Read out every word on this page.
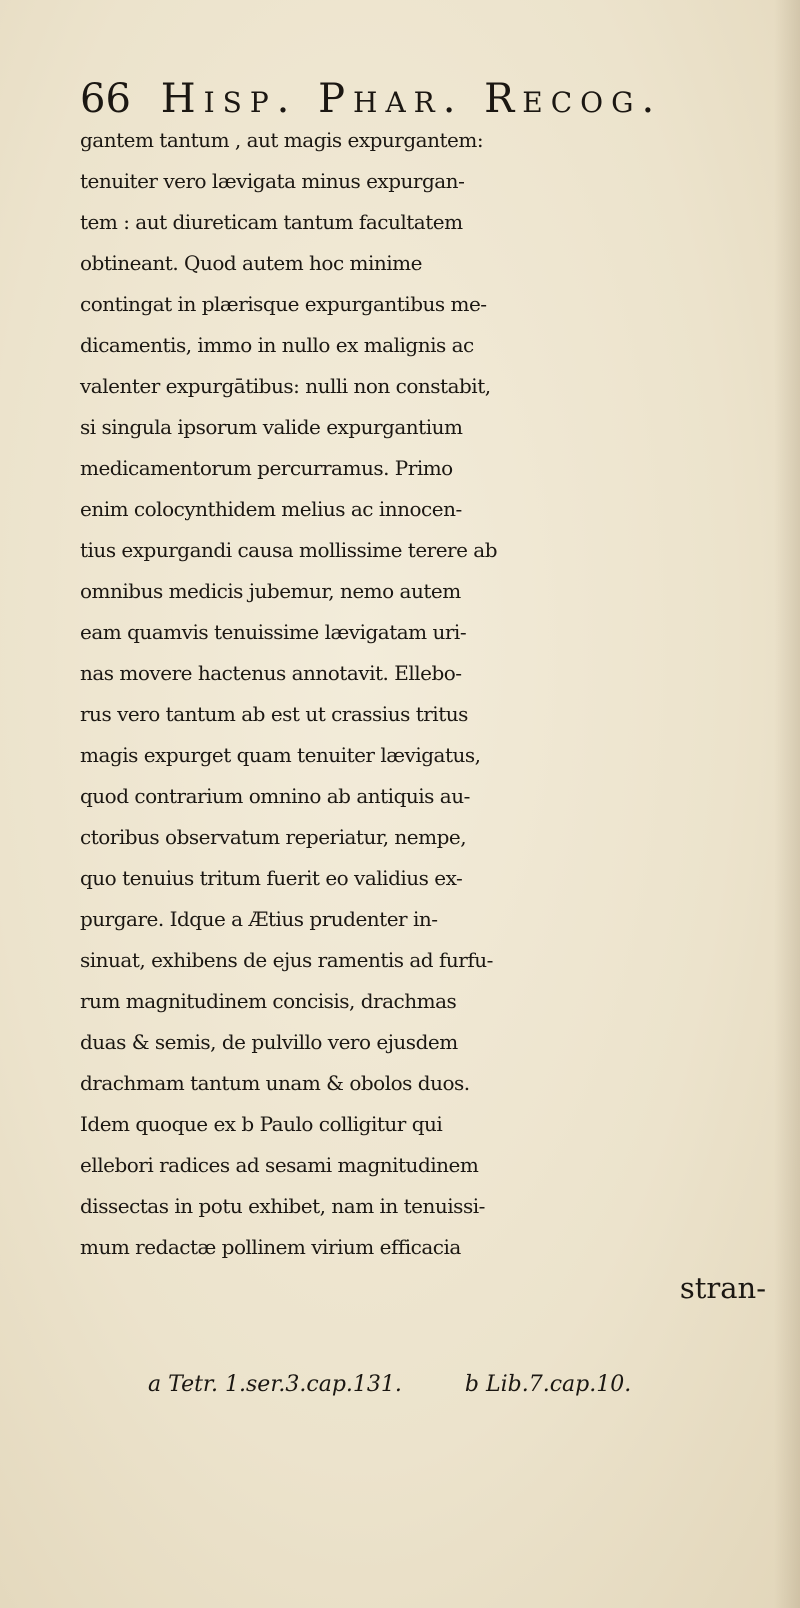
66 Hisp. Phar. Recog.
gantem tantum , aut magis expurgantem:
tenuiter vero lævigata minus expurgan-
tem : aut diureticam tantum facultatem
obtineant. Quod autem hoc minime
contingat in plærisque expurgantibus me-
dicamentis, immo in nullo ex malignis ac
valenter expurgātibus: nulli non constabit,
si singula ipsorum valide expurgantium
medicamentorum percurramus. Primo
enim colocynthidem melius ac innocen-
tius expurgandi causa mollissime terere ab
omnibus medicis jubemur, nemo autem
eam quamvis tenuissime lævigatam uri-
nas movere hactenus annotavit. Ellebo-
rus vero tantum ab est ut crassius tritus
magis expurget quam tenuiter lævigatus,
quod contrarium omnino ab antiquis au-
ctoribus observatum reperiatur, nempe,
quo tenuius tritum fuerit eo validius ex-
purgare. Idque a Ætius prudenter in-
sinuat, exhibens de ejus ramentis ad furfu-
rum magnitudinem concisis, drachmas
duas & semis, de pulvillo vero ejusdem
drachmam tantum unam & obolos duos.
Idem quoque ex b Paulo colligitur qui
ellebori radices ad sesami magnitudinem
dissectas in potu exhibet, nam in tenuissi-
mum redactæ pollinem virium efficacia
stran-
a Tetr. 1.ser.3.cap.131.	b Lib.7.cap.10.
